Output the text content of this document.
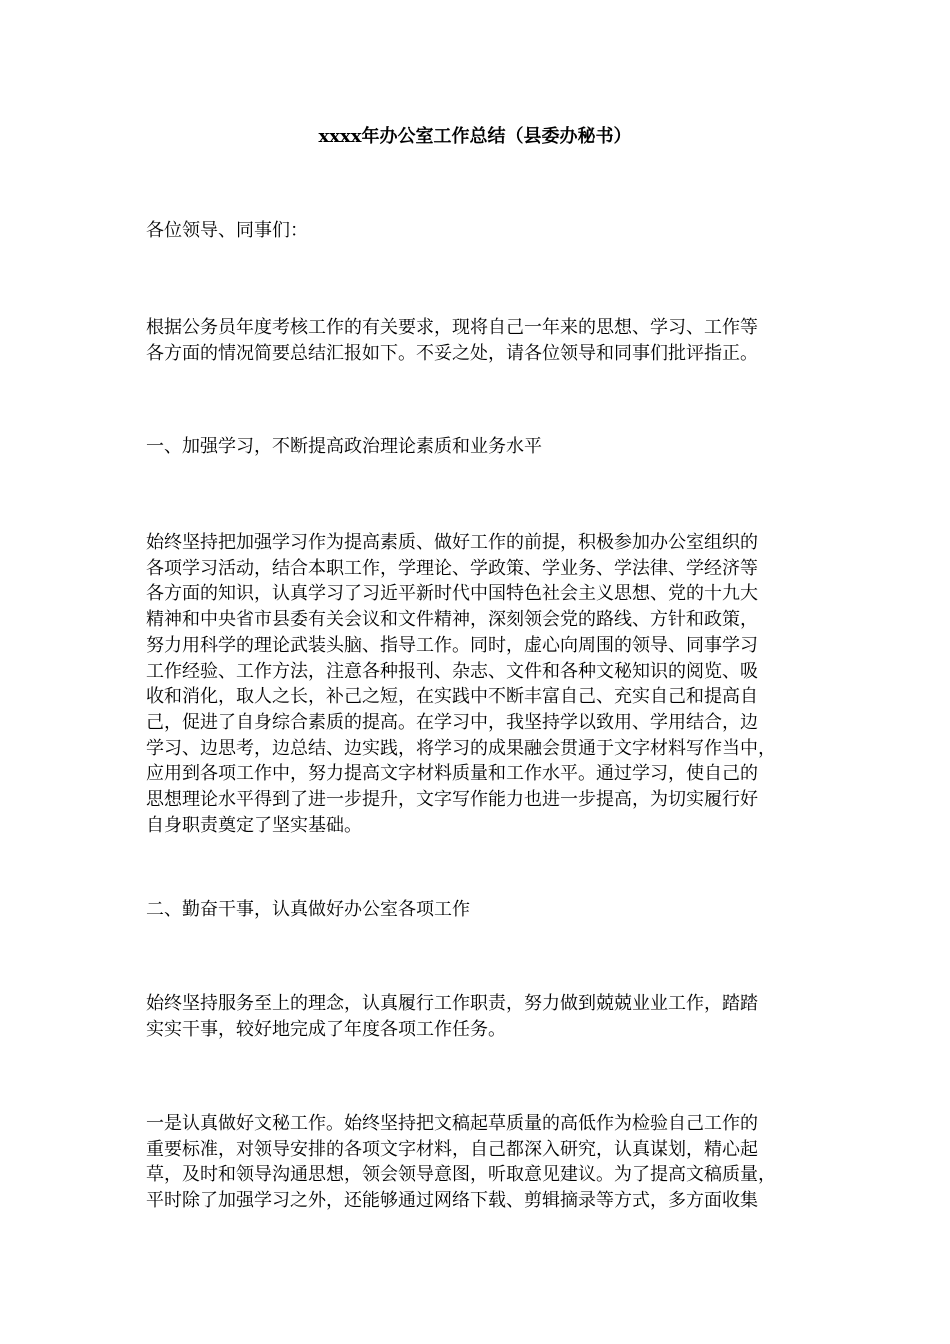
xxxx年办公室工作总结（县委办秘书）

各位领导、同事们：

根据公务员年度考核工作的有关要求，现将自己一年来的思想、学习、工作等
各方面的情况简要总结汇报如下。不妥之处，请各位领导和同事们批评指正。

一、加强学习，不断提高政治理论素质和业务水平

始终坚持把加强学习作为提高素质、做好工作的前提，积极参加办公室组织的
各项学习活动，结合本职工作，学理论、学政策、学业务、学法律、学经济等
各方面的知识，认真学习了习近平新时代中国特色社会主义思想、党的十九大
精神和中央省市县委有关会议和文件精神，深刻领会党的路线、方针和政策，
努力用科学的理论武装头脑、指导工作。同时，虚心向周围的领导、同事学习
工作经验、工作方法，注意各种报刊、杂志、文件和各种文秘知识的阅览、吸
收和消化，取人之长，补己之短，在实践中不断丰富自己、充实自己和提高自
己，促进了自身综合素质的提高。在学习中，我坚持学以致用、学用结合，边
学习、边思考，边总结、边实践，将学习的成果融会贯通于文字材料写作当中，
应用到各项工作中，努力提高文字材料质量和工作水平。通过学习，使自己的
思想理论水平得到了进一步提升，文字写作能力也进一步提高，为切实履行好
自身职责奠定了坚实基础。

二、勤奋干事，认真做好办公室各项工作

始终坚持服务至上的理念，认真履行工作职责，努力做到兢兢业业工作，踏踏
实实干事，较好地完成了年度各项工作任务。

一是认真做好文秘工作。始终坚持把文稿起草质量的高低作为检验自己工作的
重要标准，对领导安排的各项文字材料，自己都深入研究，认真谋划，精心起
草，及时和领导沟通思想，领会领导意图，听取意见建议。为了提高文稿质量，
平时除了加强学习之外，还能够通过网络下载、剪辑摘录等方式，多方面收集
